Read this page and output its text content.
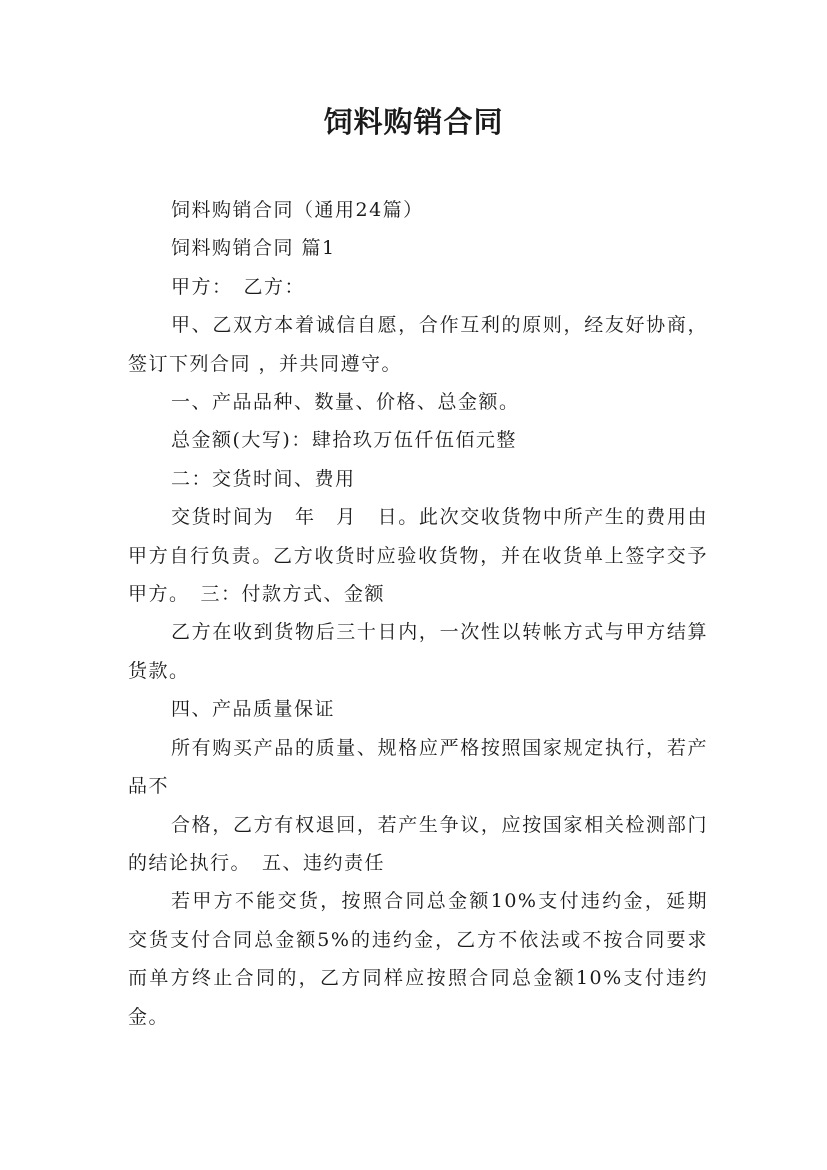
饲料购销合同

饲料购销合同（通用24篇）

饲料购销合同 篇1

甲方：　乙方：

甲、乙双方本着诚信自愿，合作互利的原则，经友好协商，签订下列合同 ，并共同遵守。

一、产品品种、数量、价格、总金额。

总金额(大写)：肆拾玖万伍仟伍佰元整

二：交货时间、费用

交货时间为　年　月　日。此次交收货物中所产生的费用由甲方自行负责。乙方收货时应验收货物，并在收货单上签字交予甲方。　三：付款方式、金额

乙方在收到货物后三十日内，一次性以转帐方式与甲方结算货款。

四、产品质量保证

所有购买产品的质量、规格应严格按照国家规定执行，若产品不

合格，乙方有权退回，若产生争议，应按国家相关检测部门的结论执行。　五、违约责任

若甲方不能交货，按照合同总金额10%支付违约金，延期交货支付合同总金额5%的违约金，乙方不依法或不按合同要求而单方终止合同的，乙方同样应按照合同总金额10%支付违约金。
